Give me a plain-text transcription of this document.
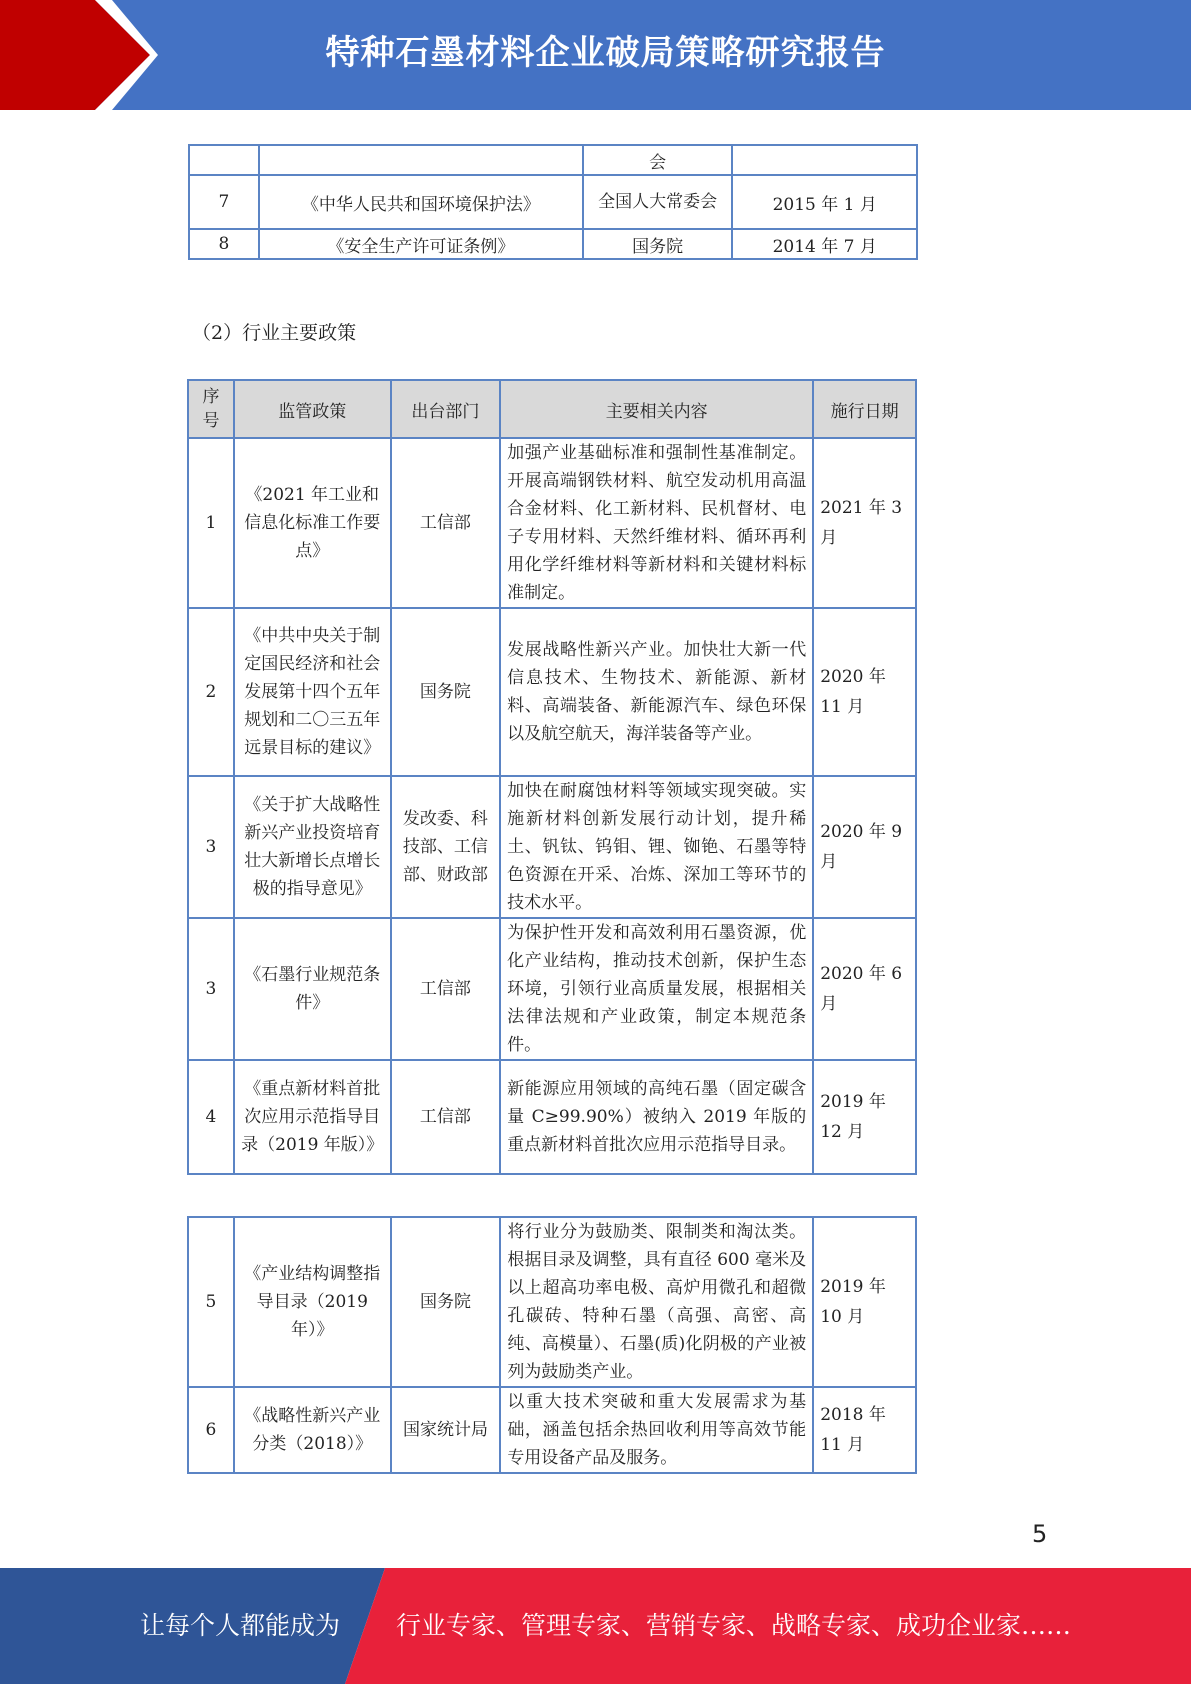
特种石墨材料企业破局策略研究报告
		会	
7	《中华人民共和国环境保护法》	全国人大常委会	2015 年 1 月
8	《安全生产许可证条例》	国务院	2014 年 7 月
（2）行业主要政策
序号	监管政策	出台部门	主要相关内容	施行日期
1	《2021 年工业和信息化标准工作要点》	工信部	加强产业基础标准和强制性基准制定。开展高端钢铁材料、航空发动机用高温合金材料、化工新材料、民机督材、电子专用材料、天然纤维材料、循环再利用化学纤维材料等新材料和关键材料标准制定。	2021 年 3 月
2	《中共中央关于制定国民经济和社会发展第十四个五年规划和二〇三五年远景目标的建议》	国务院	发展战略性新兴产业。加快壮大新一代信息技术、生物技术、新能源、新材料、高端装备、新能源汽车、绿色环保以及航空航天，海洋装备等产业。	2020 年 11 月
3	《关于扩大战略性新兴产业投资培育壮大新增长点增长极的指导意见》	发改委、科技部、工信部、财政部	加快在耐腐蚀材料等领域实现突破。实施新材料创新发展行动计划，提升稀土、钒钛、钨钼、锂、铷铯、石墨等特色资源在开采、冶炼、深加工等环节的技术水平。	2020 年 9 月
3	《石墨行业规范条件》	工信部	为保护性开发和高效利用石墨资源，优化产业结构，推动技术创新，保护生态环境，引领行业高质量发展，根据相关法律法规和产业政策，制定本规范条件。	2020 年 6 月
4	《重点新材料首批次应用示范指导目录（2019 年版）》	工信部	新能源应用领域的高纯石墨（固定碳含量 C≥99.90%）被纳入 2019 年版的重点新材料首批次应用示范指导目录。	2019 年 12 月
5	《产业结构调整指导目录（2019 年）》	国务院	将行业分为鼓励类、限制类和淘汰类。根据目录及调整，具有直径 600 毫米及以上超高功率电极、高炉用微孔和超微孔碳砖、特种石墨（高强、高密、高纯、高模量）、石墨(质)化阴极的产业被列为鼓励类产业。	2019 年 10 月
6	《战略性新兴产业分类（2018）》	国家统计局	以重大技术突破和重大发展需求为基础，涵盖包括余热回收利用等高效节能专用设备产品及服务。	2018 年 11 月
5
让每个人都能成为 行业专家、管理专家、营销专家、战略专家、成功企业家……
